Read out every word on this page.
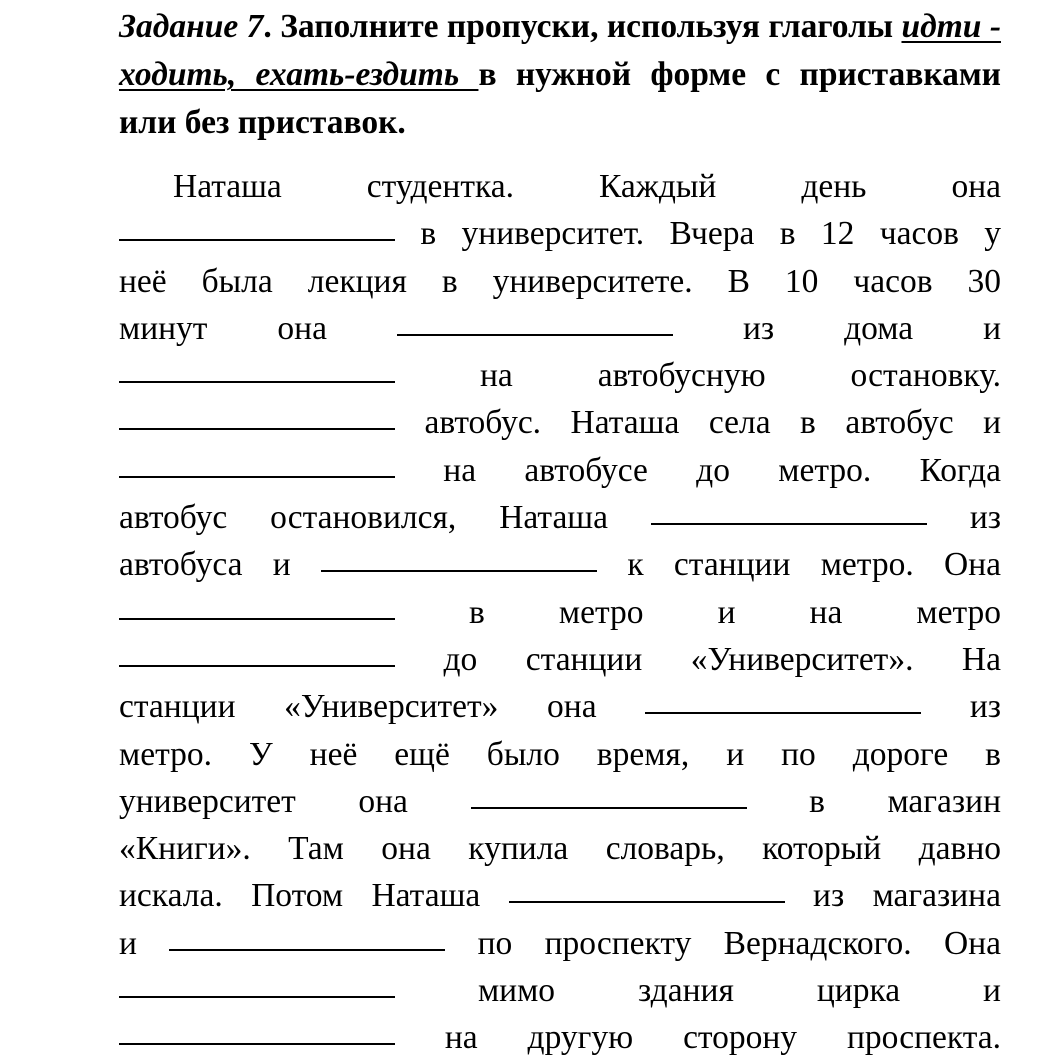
Задание 7. Заполните пропуски, используя глаголы идти - ходить, ехать-ездить в нужной форме с приставками или без приставок.

Наташа студентка. Каждый день она
в университет. Вчера в 12 часов у
неё была лекция в университете. В 10 часов 30
минут она	из дома и
на автобусную остановку.
автобус. Наташа села в автобус и
на автобусе до метро. Когда
автобус остановился, Наташа	из
автобуса и	к станции метро. Она
в метро и на метро
до станции «Университет». На
станции «Университет» она	из
метро. У неё ещё было время, и по дороге в
университет она	в магазин
«Книги». Там она купила словарь, который давно
искала. Потом Наташа	из магазина
и	по проспекту Вернадского. Она
мимо здания цирка и
на другую сторону проспекта.
